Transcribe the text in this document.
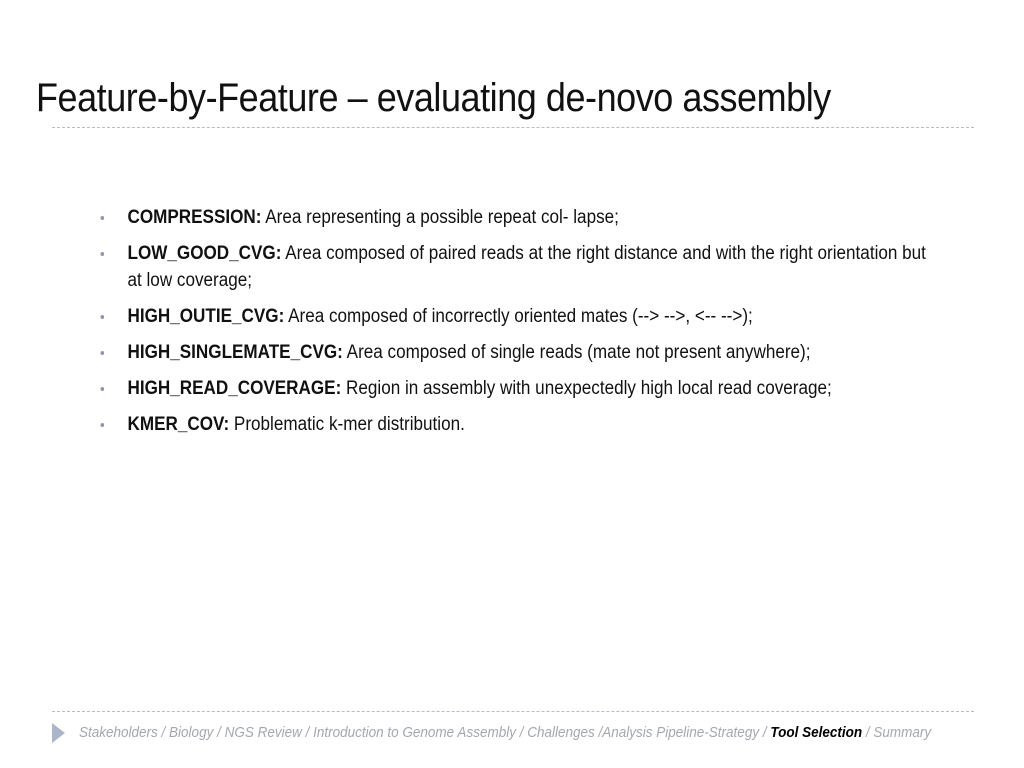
Feature-by-Feature – evaluating de-novo assembly
COMPRESSION: Area representing a possible repeat col- lapse;
LOW_GOOD_CVG: Area composed of paired reads at the right distance and with the right orientation but at low coverage;
HIGH_OUTIE_CVG: Area composed of incorrectly oriented mates (--> -->, <-- -->);
HIGH_SINGLEMATE_CVG: Area composed of single reads (mate not present anywhere);
HIGH_READ_COVERAGE: Region in assembly with unexpectedly high local read coverage;
KMER_COV: Problematic k-mer distribution.
Stakeholders / Biology / NGS Review / Introduction to Genome Assembly / Challenges /Analysis Pipeline-Strategy / Tool Selection / Summary
